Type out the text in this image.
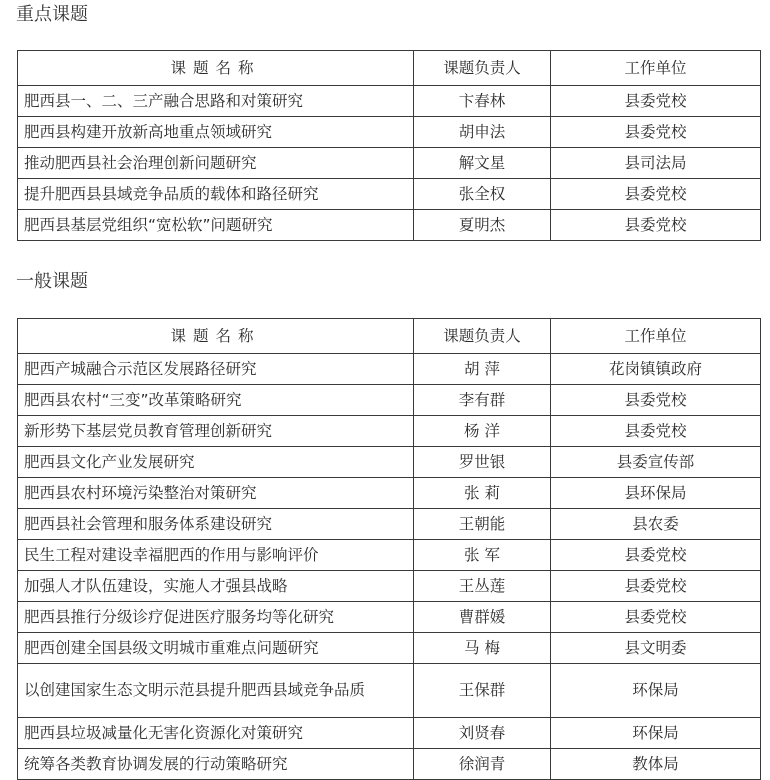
重点课题
课题名称	课题负责人	工作单位
肥西县一、二、三产融合思路和对策研究	卞春林	县委党校
肥西县构建开放新高地重点领域研究	胡申法	县委党校
推动肥西县社会治理创新问题研究	解文星	县司法局
提升肥西县县域竞争品质的载体和路径研究	张全权	县委党校
肥西县基层党组织“宽松软”问题研究	夏明杰	县委党校
一般课题
课题名称	课题负责人	工作单位
肥西产城融合示范区发展路径研究	胡 萍	花岗镇镇政府
肥西县农村“三变”改革策略研究	李有群	县委党校
新形势下基层党员教育管理创新研究	杨 洋	县委党校
肥西县文化产业发展研究	罗世银	县委宣传部
肥西县农村环境污染整治对策研究	张 莉	县环保局
肥西县社会管理和服务体系建设研究	王朝能	县农委
民生工程对建设幸福肥西的作用与影响评价	张 军	县委党校
加强人才队伍建设，实施人才强县战略	王丛莲	县委党校
肥西县推行分级诊疗促进医疗服务均等化研究	曹群媛	县委党校
肥西创建全国县级文明城市重难点问题研究	马 梅	县文明委
以创建国家生态文明示范县提升肥西县域竞争品质	王保群	环保局
肥西县垃圾减量化无害化资源化对策研究	刘贤春	环保局
统筹各类教育协调发展的行动策略研究	徐润青	教体局
